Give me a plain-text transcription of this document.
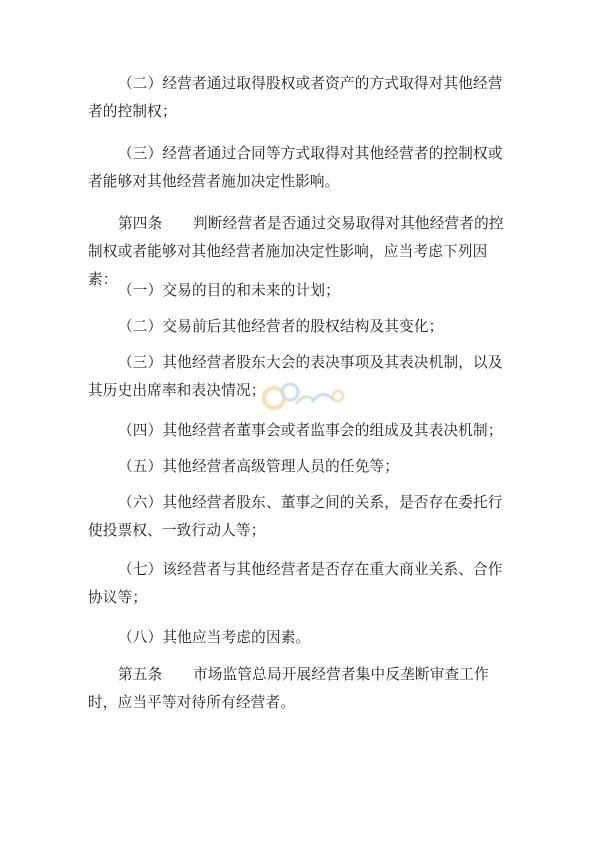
（二）经营者通过取得股权或者资产的方式取得对其他经营者的控制权；

（三）经营者通过合同等方式取得对其他经营者的控制权或者能够对其他经营者施加决定性影响。

第四条 判断经营者是否通过交易取得对其他经营者的控制权或者能够对其他经营者施加决定性影响，应当考虑下列因素：

（一）交易的目的和未来的计划；

（二）交易前后其他经营者的股权结构及其变化；

（三）其他经营者股东大会的表决事项及其表决机制，以及其历史出席率和表决情况；

（四）其他经营者董事会或者监事会的组成及其表决机制；

（五）其他经营者高级管理人员的任免等；

（六）其他经营者股东、董事之间的关系，是否存在委托行使投票权、一致行动人等；

（七）该经营者与其他经营者是否存在重大商业关系、合作协议等；

（八）其他应当考虑的因素。

第五条 市场监管总局开展经营者集中反垄断审查工作时，应当平等对待所有经营者。
